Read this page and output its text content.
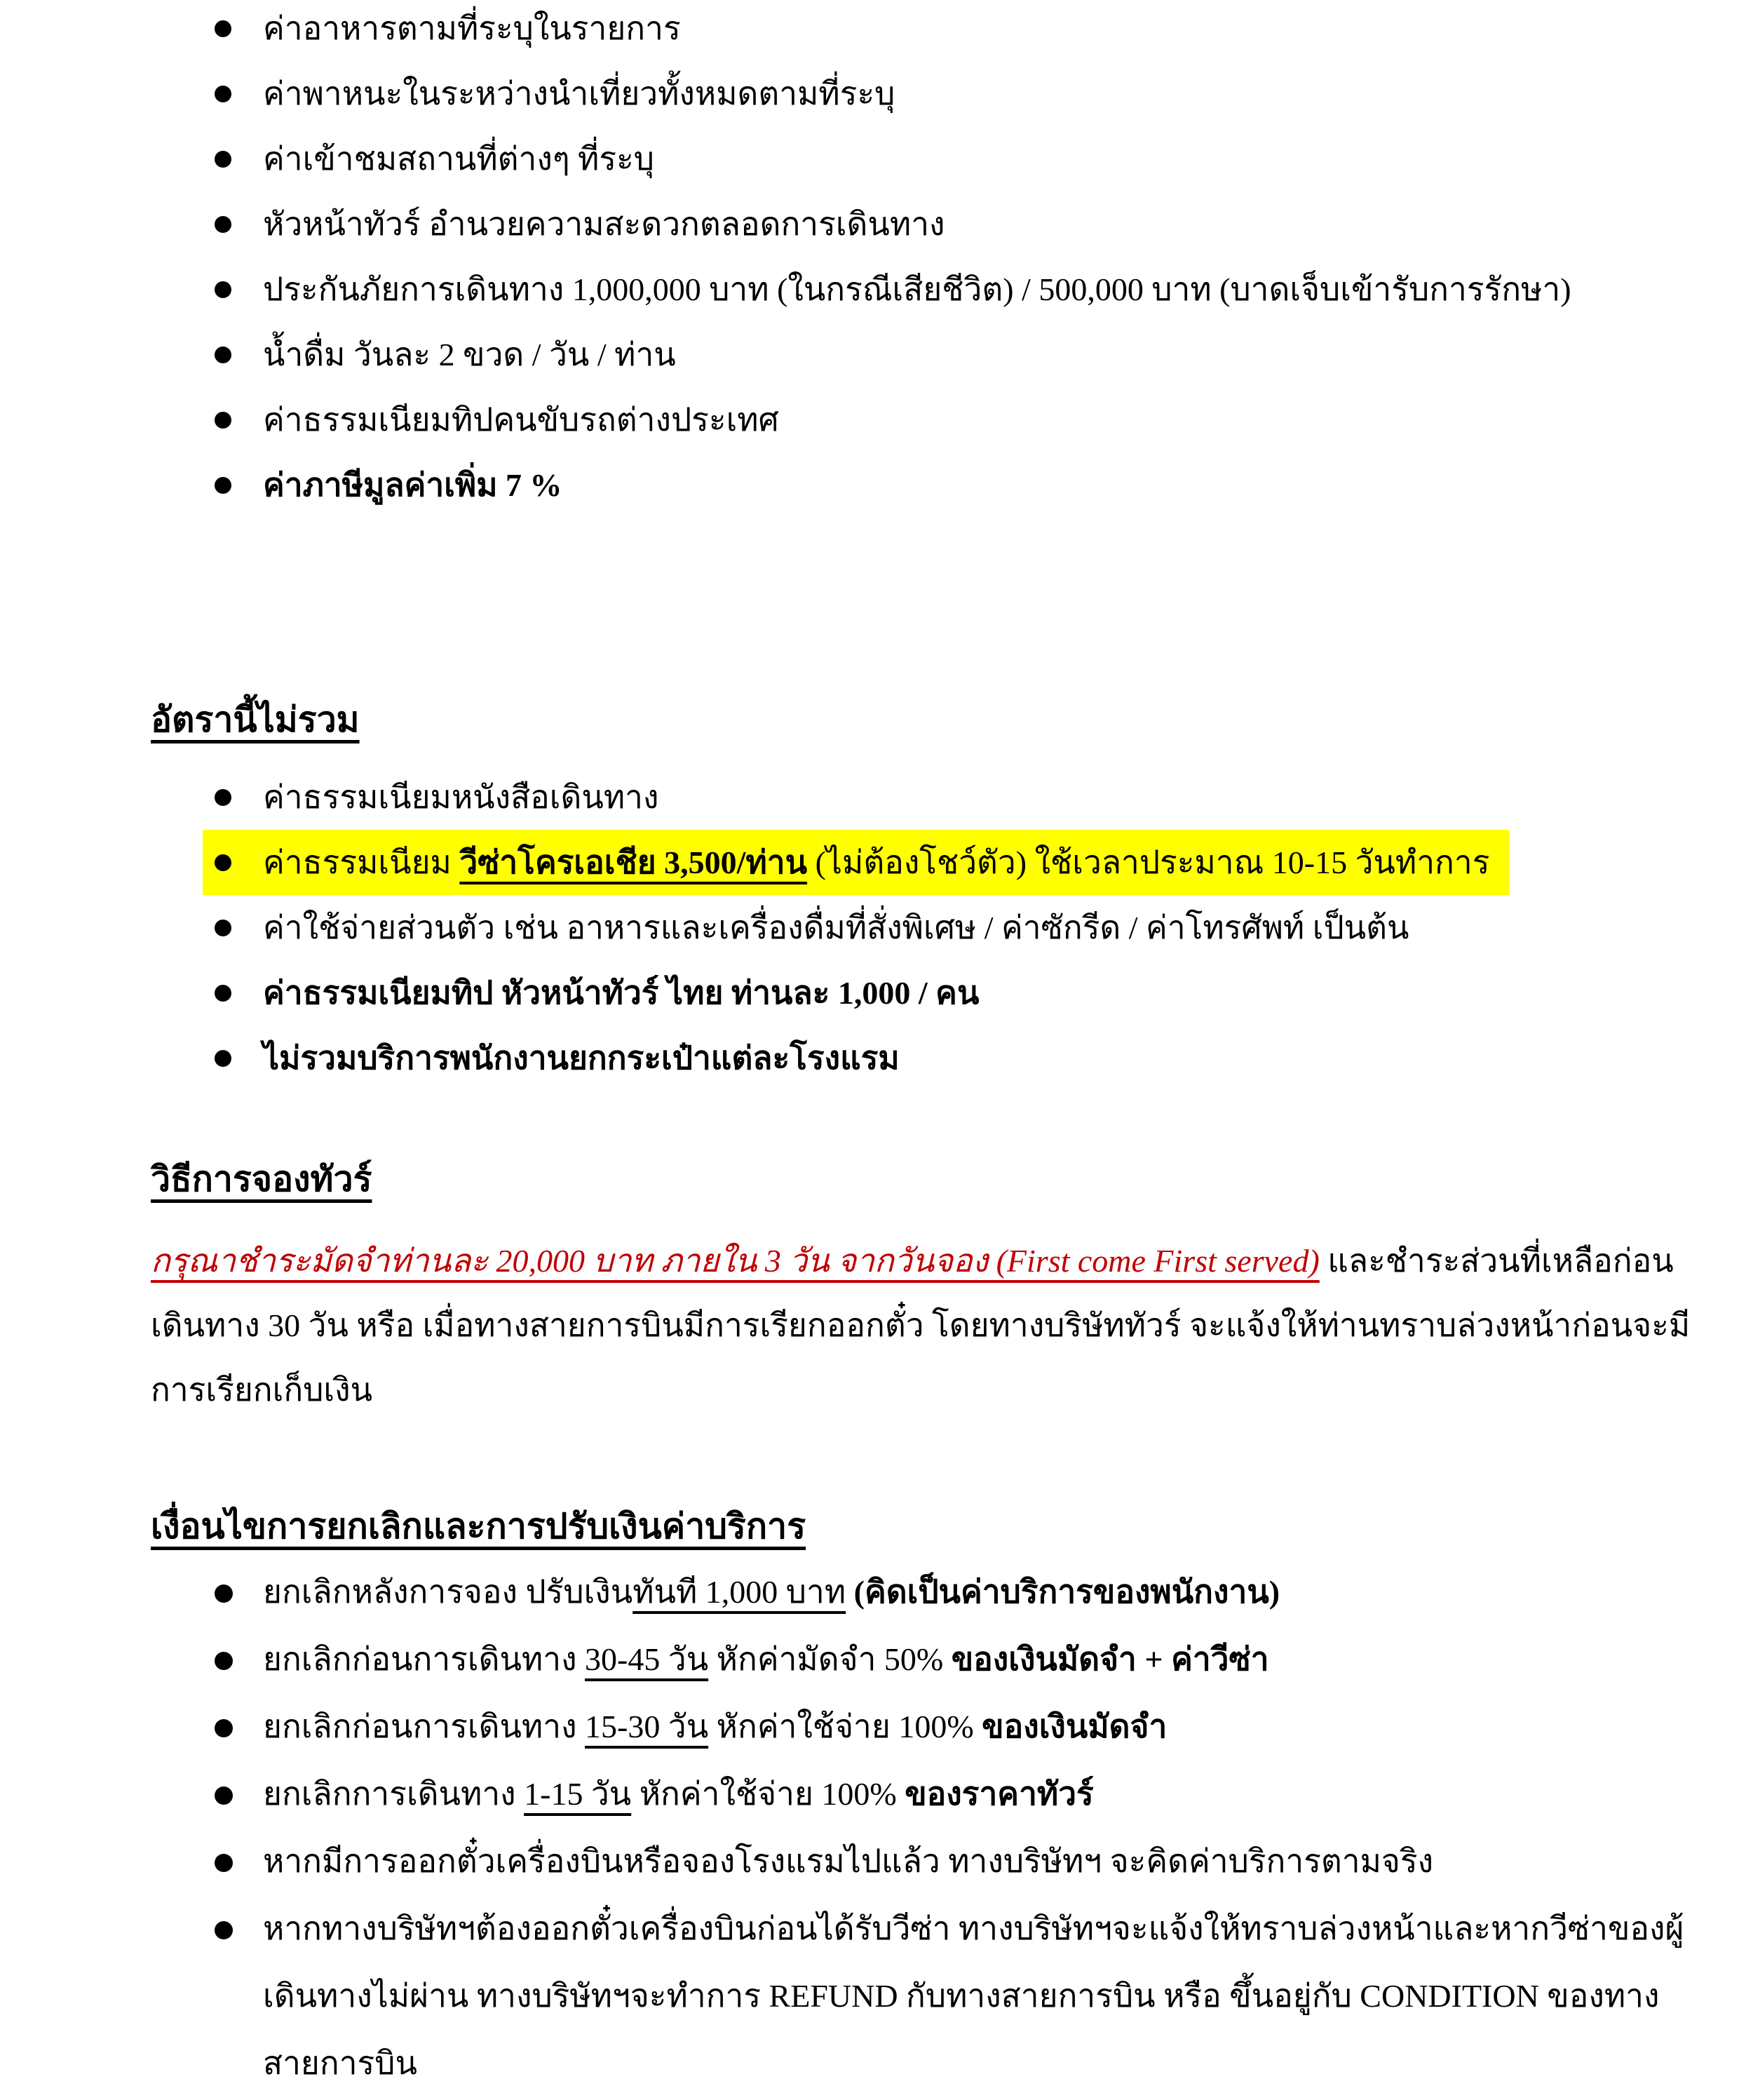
ค่าอาหารตามที่ระบุในรายการ
ค่าพาหนะในระหว่างนำเที่ยวทั้งหมดตามที่ระบุ
ค่าเข้าชมสถานที่ต่างๆ ที่ระบุ
หัวหน้าทัวร์ อำนวยความสะดวกตลอดการเดินทาง
ประกันภัยการเดินทาง 1,000,000 บาท (ในกรณีเสียชีวิต) / 500,000 บาท (บาดเจ็บเข้ารับการรักษา)
น้ำดื่ม วันละ 2 ขวด / วัน / ท่าน
ค่าธรรมเนียมทิปคนขับรถต่างประเทศ
ค่าภาษีมูลค่าเพิ่ม 7 %
อัตรานี้ไม่รวม
ค่าธรรมเนียมหนังสือเดินทาง
ค่าธรรมเนียม วีซ่าโครเอเชีย 3,500/ท่าน (ไม่ต้องโชว์ตัว) ใช้เวลาประมาณ 10-15 วันทำการ
ค่าใช้จ่ายส่วนตัว เช่น อาหารและเครื่องดื่มที่สั่งพิเศษ / ค่าซักรีด / ค่าโทรศัพท์ เป็นต้น
ค่าธรรมเนียมทิป หัวหน้าทัวร์ ไทย ท่านละ 1,000 / คน
ไม่รวมบริการพนักงานยกกระเป๋าแต่ละโรงแรม
วิธีการจองทัวร์
กรุณาชำระมัดจำท่านละ 20,000 บาท ภายใน 3 วัน จากวันจอง (First come First served) และชำระส่วนที่เหลือก่อน
เดินทาง 30 วัน หรือ เมื่อทางสายการบินมีการเรียกออกตั๋ว โดยทางบริษัททัวร์ จะแจ้งให้ท่านทราบล่วงหน้าก่อนจะมี
การเรียกเก็บเงิน
เงื่อนไขการยกเลิกและการปรับเงินค่าบริการ
ยกเลิกหลังการจอง ปรับเงินทันที 1,000 บาท (คิดเป็นค่าบริการของพนักงาน)
ยกเลิกก่อนการเดินทาง 30-45 วัน หักค่ามัดจำ 50% ของเงินมัดจำ + ค่าวีซ่า
ยกเลิกก่อนการเดินทาง 15-30 วัน หักค่าใช้จ่าย 100% ของเงินมัดจำ
ยกเลิกการเดินทาง 1-15 วัน หักค่าใช้จ่าย 100% ของราคาทัวร์
หากมีการออกตั๋วเครื่องบินหรือจองโรงแรมไปแล้ว ทางบริษัทฯ จะคิดค่าบริการตามจริง
หากทางบริษัทฯต้องออกตั๋วเครื่องบินก่อนได้รับวีซ่า ทางบริษัทฯจะแจ้งให้ทราบล่วงหน้าและหากวีซ่าของผู้
เดินทางไม่ผ่าน ทางบริษัทฯจะทำการ REFUND กับทางสายการบิน หรือ ขึ้นอยู่กับ CONDITION ของทาง
สายการบิน
